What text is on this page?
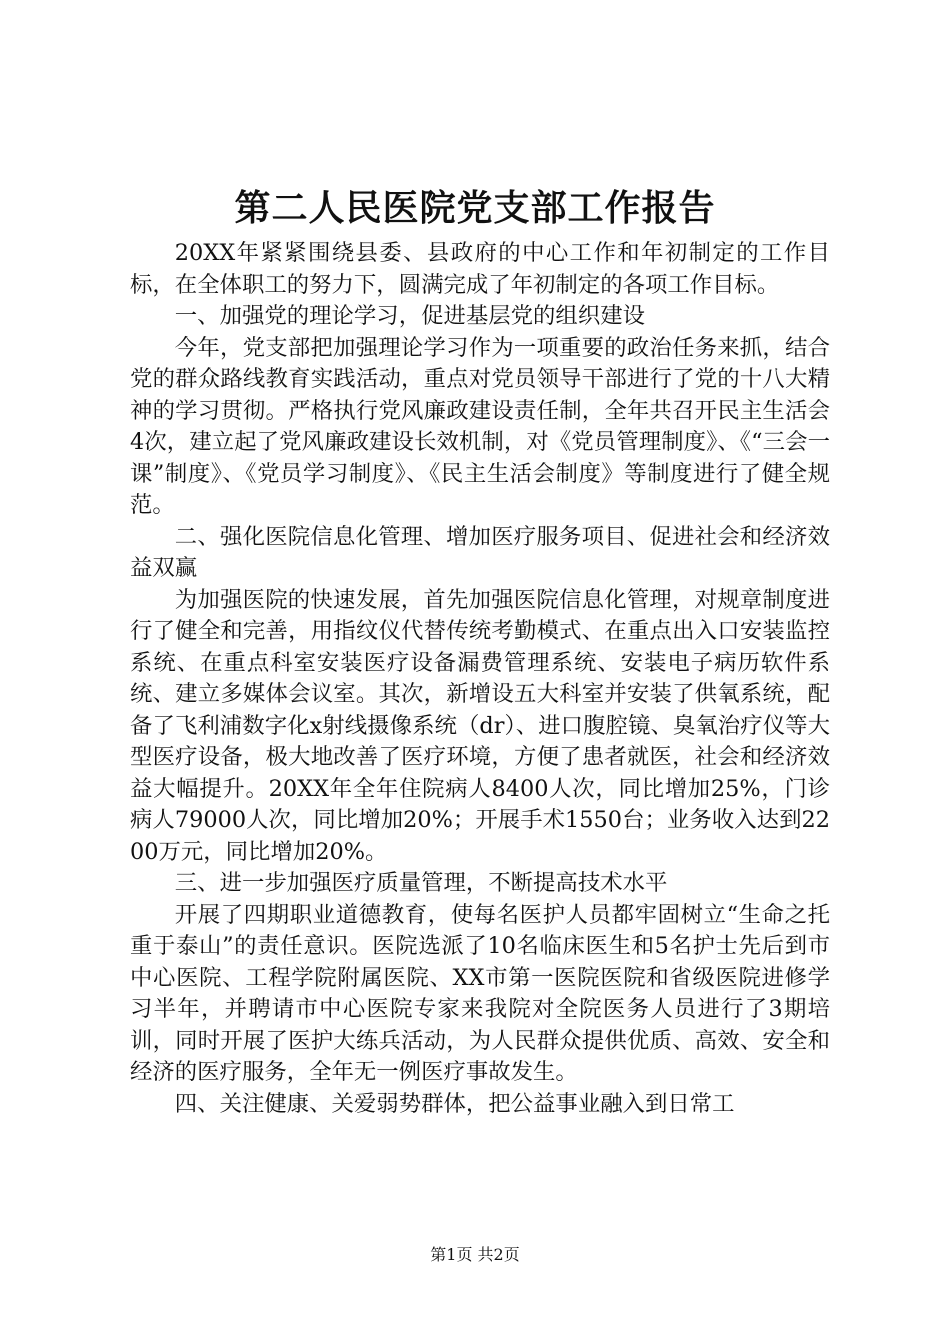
第二人民医院党支部工作报告

20XX年紧紧围绕县委、县政府的中心工作和年初制定的工作目标，在全体职工的努力下，圆满完成了年初制定的各项工作目标。

一、加强党的理论学习，促进基层党的组织建设

今年，党支部把加强理论学习作为一项重要的政治任务来抓，结合党的群众路线教育实践活动，重点对党员领导干部进行了党的十八大精神的学习贯彻。严格执行党风廉政建设责任制，全年共召开民主生活会4次，建立起了党风廉政建设长效机制，对《党员管理制度》、《“三会一课”制度》、《党员学习制度》、《民主生活会制度》等制度进行了健全规范。

二、强化医院信息化管理、增加医疗服务项目、促进社会和经济效益双赢

为加强医院的快速发展，首先加强医院信息化管理，对规章制度进行了健全和完善，用指纹仪代替传统考勤模式、在重点出入口安装监控系统、在重点科室安装医疗设备漏费管理系统、安装电子病历软件系统、建立多媒体会议室。其次，新增设五大科室并安装了供氧系统，配备了飞利浦数字化x射线摄像系统（dr）、进口腹腔镜、臭氧治疗仪等大型医疗设备，极大地改善了医疗环境，方便了患者就医，社会和经济效益大幅提升。20XX年全年住院病人8400人次，同比增加25%，门诊病人79000人次，同比增加20%；开展手术1550台；业务收入达到2200万元，同比增加20%。

三、进一步加强医疗质量管理，不断提高技术水平

开展了四期职业道德教育，使每名医护人员都牢固树立“生命之托重于泰山”的责任意识。医院选派了10名临床医生和5名护士先后到市中心医院、工程学院附属医院、XX市第一医院医院和省级医院进修学习半年，并聘请市中心医院专家来我院对全院医务人员进行了3期培训，同时开展了医护大练兵活动，为人民群众提供优质、高效、安全和经济的医疗服务，全年无一例医疗事故发生。

四、关注健康、关爱弱势群体，把公益事业融入到日常工

第1页 共2页
